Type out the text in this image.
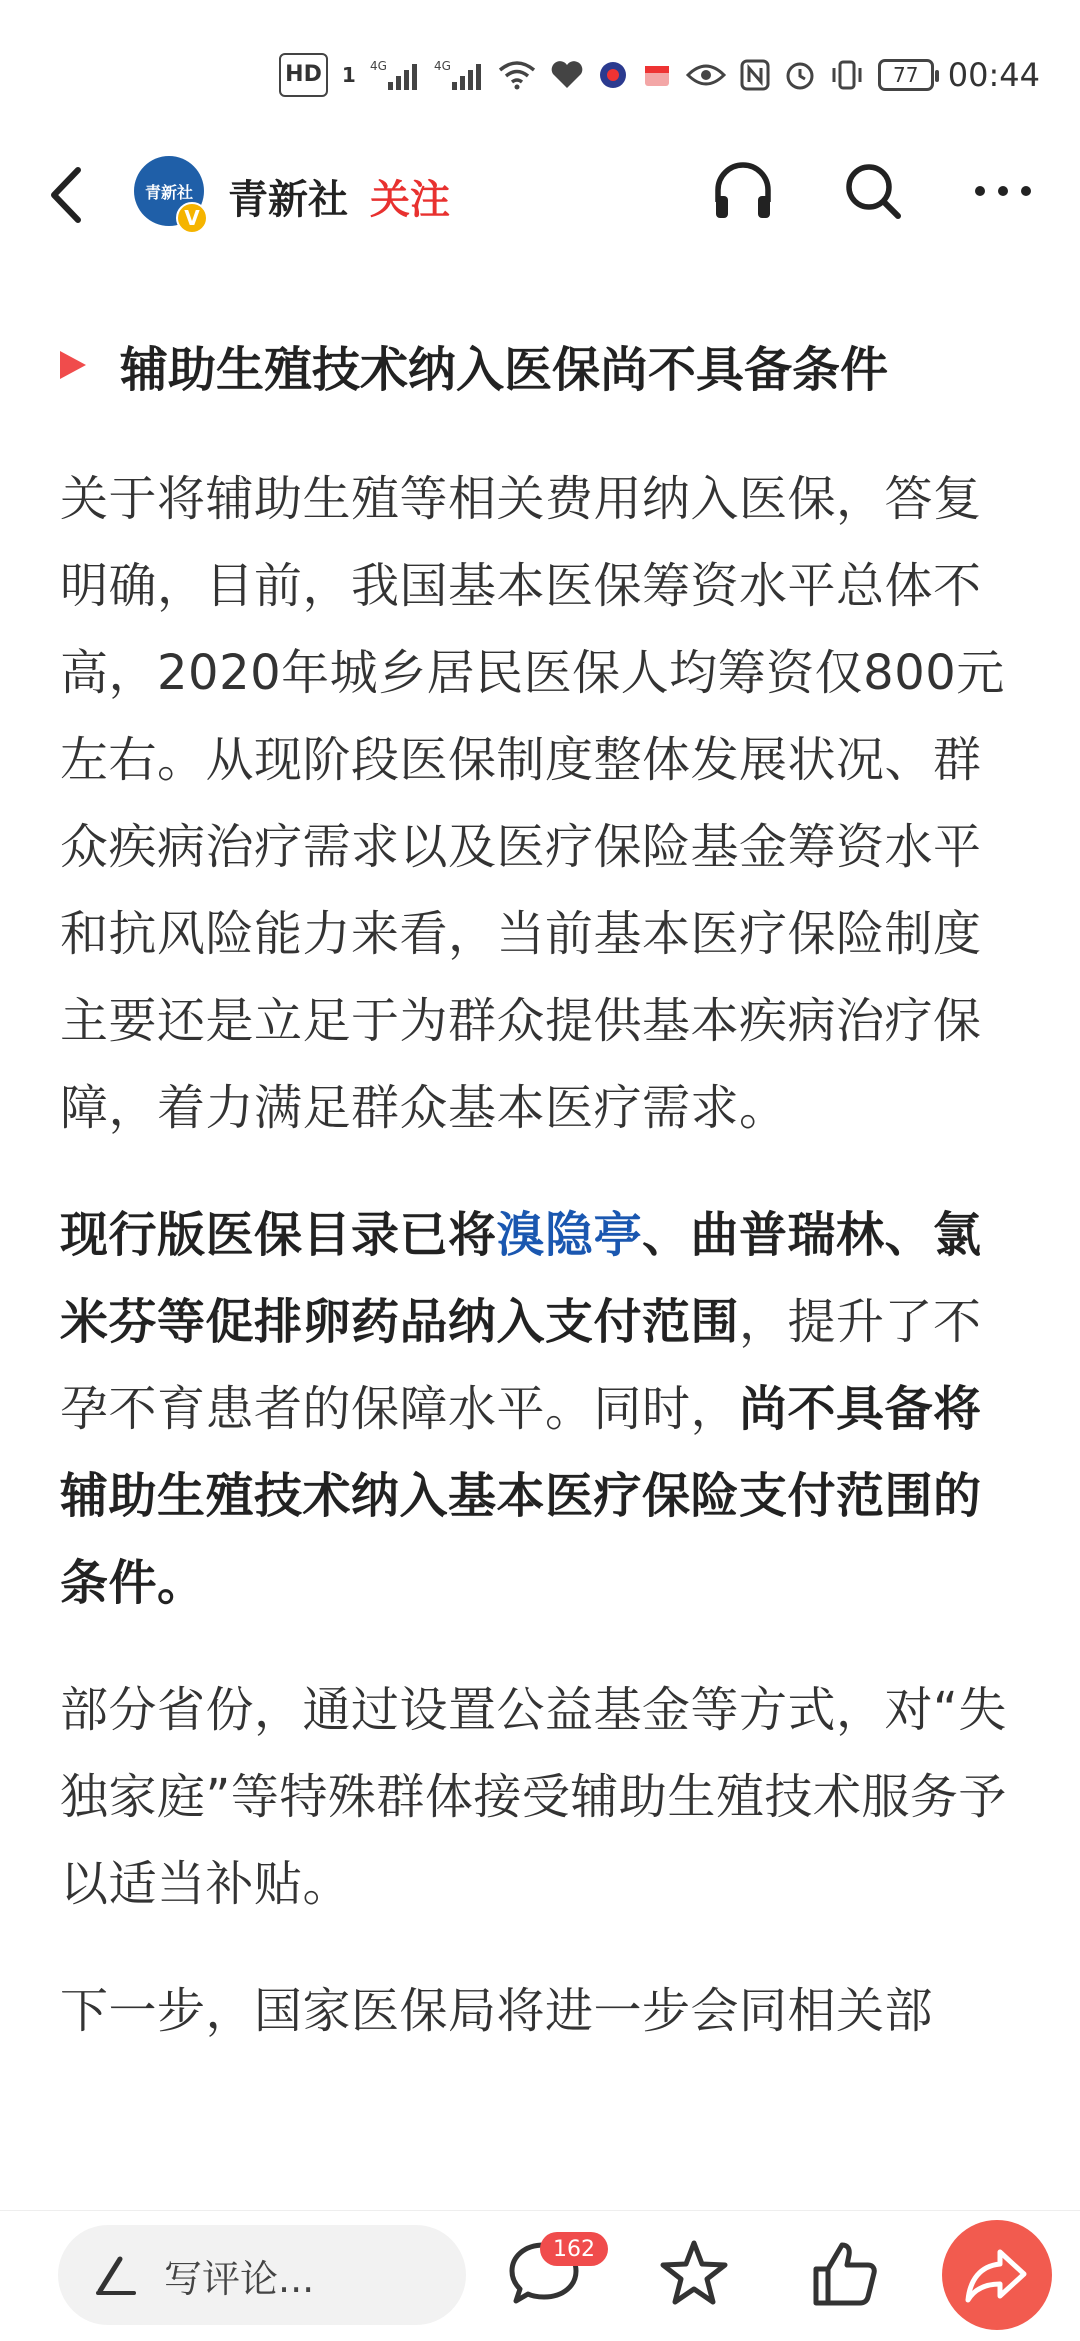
HD	1 4G	4G	77 00:44
青新社
V 青新社 关注
辅助生殖技术纳入医保尚不具备条件

关于将辅助生殖等相关费用纳入医保，答复明确，目前，我国基本医保筹资水平总体不高，2020年城乡居民医保人均筹资仅800元左右。从现阶段医保制度整体发展状况、群众疾病治疗需求以及医疗保险基金筹资水平和抗风险能力来看，当前基本医疗保险制度主要还是立足于为群众提供基本疾病治疗保障，着力满足群众基本医疗需求。

现行版医保目录已将溴隐亭、曲普瑞林、氯米芬等促排卵药品纳入支付范围，提升了不孕不育患者的保障水平。同时，尚不具备将辅助生殖技术纳入基本医疗保险支付范围的条件。

部分省份，通过设置公益基金等方式，对“失独家庭”等特殊群体接受辅助生殖技术服务予以适当补贴。

下一步，国家医保局将进一步会同相关部

写评论...
162
